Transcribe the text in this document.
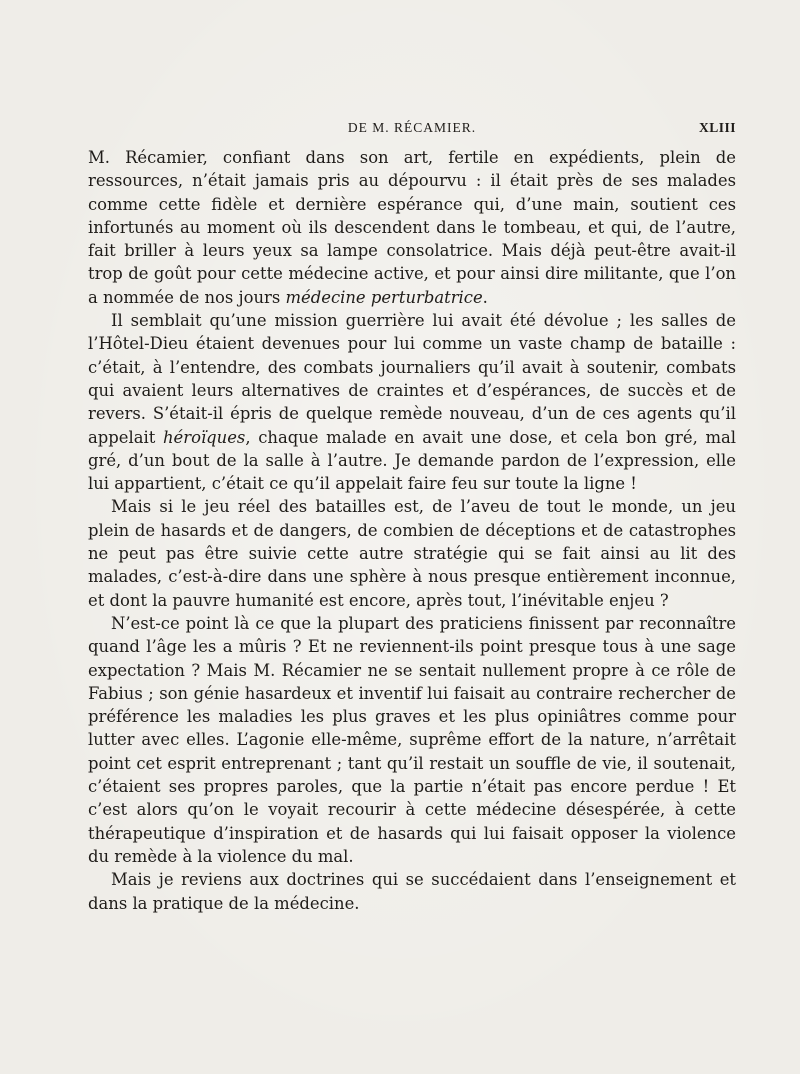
DE M. RÉCAMIER.	XLIII

M. Récamier, confiant dans son art, fertile en expédients, plein de ressources, n’était jamais pris au dépourvu : il était près de ses malades comme cette fidèle et dernière espérance qui, d’une main, soutient ces infortunés au moment où ils descendent dans le tombeau, et qui, de l’autre, fait briller à leurs yeux sa lampe consolatrice. Mais déjà peut-être avait-il trop de goût pour cette médecine active, et pour ainsi dire militante, que l’on a nommée de nos jours médecine perturbatrice.

Il semblait qu’une mission guerrière lui avait été dévolue ; les salles de l’Hôtel-Dieu étaient devenues pour lui comme un vaste champ de bataille : c’était, à l’entendre, des combats journaliers qu’il avait à soutenir, combats qui avaient leurs alternatives de craintes et d’espérances, de succès et de revers. S’était-il épris de quelque remède nouveau, d’un de ces agents qu’il appelait héroïques, chaque malade en avait une dose, et cela bon gré, mal gré, d’un bout de la salle à l’autre. Je demande pardon de l’expression, elle lui appartient, c’était ce qu’il appelait faire feu sur toute la ligne !

Mais si le jeu réel des batailles est, de l’aveu de tout le monde, un jeu plein de hasards et de dangers, de combien de déceptions et de catastrophes ne peut pas être suivie cette autre stratégie qui se fait ainsi au lit des malades, c’est-à-dire dans une sphère à nous presque entièrement inconnue, et dont la pauvre humanité est encore, après tout, l’inévitable enjeu ?

N’est-ce point là ce que la plupart des praticiens finissent par reconnaître quand l’âge les a mûris ? Et ne reviennent-ils point presque tous à une sage expectation ? Mais M. Récamier ne se sentait nullement propre à ce rôle de Fabius ; son génie hasardeux et inventif lui faisait au contraire rechercher de préférence les maladies les plus graves et les plus opiniâtres comme pour lutter avec elles. L’agonie elle-même, suprême effort de la nature, n’arrêtait point cet esprit entreprenant ; tant qu’il restait un souffle de vie, il soutenait, c’étaient ses propres paroles, que la partie n’était pas encore perdue ! Et c’est alors qu’on le voyait recourir à cette médecine désespérée, à cette thérapeutique d’inspiration et de hasards qui lui faisait opposer la violence du remède à la violence du mal.

Mais je reviens aux doctrines qui se succédaient dans l’enseignement et dans la pratique de la médecine.
